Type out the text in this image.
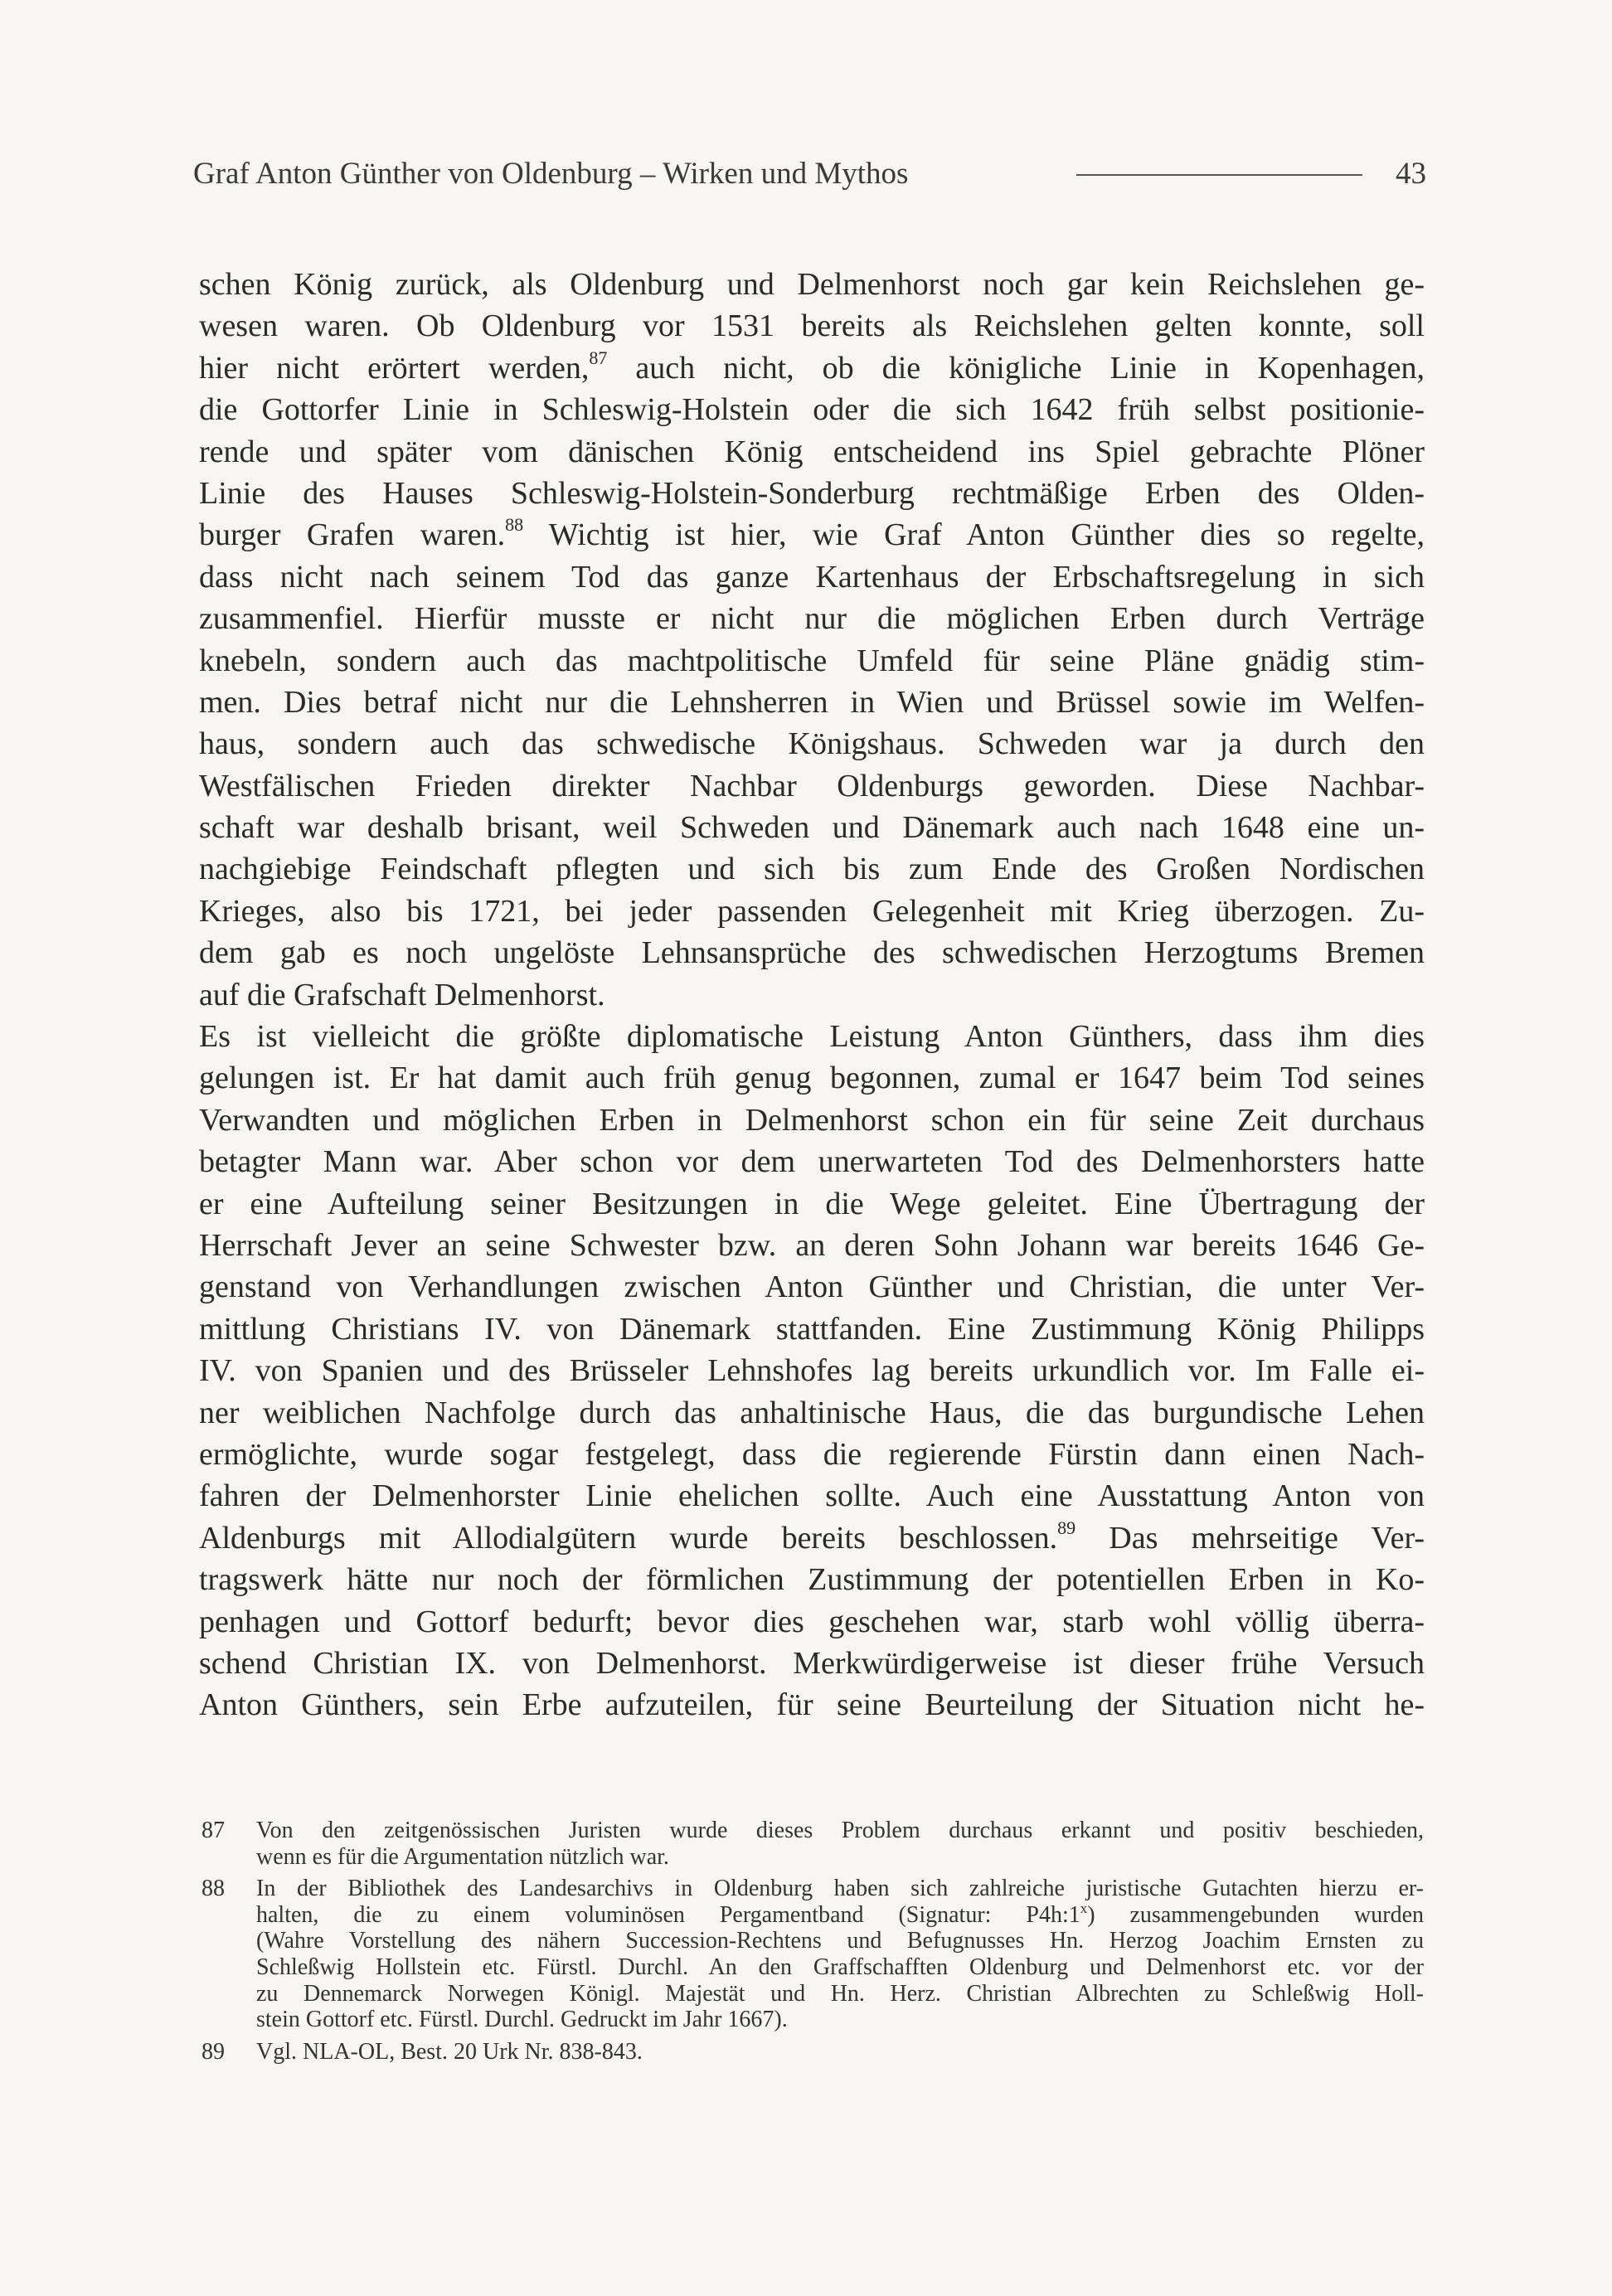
Graf Anton Günther von Oldenburg – Wirken und Mythos	43
schen König zurück, als Oldenburg und Delmenhorst noch gar kein Reichslehen ge-
wesen waren. Ob Oldenburg vor 1531 bereits als Reichslehen gelten konnte, soll
hier nicht erörtert werden,$^{87}$ auch nicht, ob die königliche Linie in Kopenhagen,
die Gottorfer Linie in Schleswig-Holstein oder die sich 1642 früh selbst positionie-
rende und später vom dänischen König entscheidend ins Spiel gebrachte Plöner
Linie des Hauses Schleswig-Holstein-Sonderburg rechtmäßige Erben des Olden-
burger Grafen waren.$^{88}$ Wichtig ist hier, wie Graf Anton Günther dies so regelte,
dass nicht nach seinem Tod das ganze Kartenhaus der Erbschaftsregelung in sich
zusammenfiel. Hierfür musste er nicht nur die möglichen Erben durch Verträge
knebeln, sondern auch das machtpolitische Umfeld für seine Pläne gnädig stim-
men. Dies betraf nicht nur die Lehnsherren in Wien und Brüssel sowie im Welfen-
haus, sondern auch das schwedische Königshaus. Schweden war ja durch den
Westfälischen Frieden direkter Nachbar Oldenburgs geworden. Diese Nachbar-
schaft war deshalb brisant, weil Schweden und Dänemark auch nach 1648 eine un-
nachgiebige Feindschaft pflegten und sich bis zum Ende des Großen Nordischen
Krieges, also bis 1721, bei jeder passenden Gelegenheit mit Krieg überzogen. Zu-
dem gab es noch ungelöste Lehnsansprüche des schwedischen Herzogtums Bremen
auf die Grafschaft Delmenhorst.
Es ist vielleicht die größte diplomatische Leistung Anton Günthers, dass ihm dies
gelungen ist. Er hat damit auch früh genug begonnen, zumal er 1647 beim Tod seines
Verwandten und möglichen Erben in Delmenhorst schon ein für seine Zeit durchaus
betagter Mann war. Aber schon vor dem unerwarteten Tod des Delmenhorsters hatte
er eine Aufteilung seiner Besitzungen in die Wege geleitet. Eine Übertragung der
Herrschaft Jever an seine Schwester bzw. an deren Sohn Johann war bereits 1646 Ge-
genstand von Verhandlungen zwischen Anton Günther und Christian, die unter Ver-
mittlung Christians IV. von Dänemark stattfanden. Eine Zustimmung König Philipps
IV. von Spanien und des Brüsseler Lehnshofes lag bereits urkundlich vor. Im Falle ei-
ner weiblichen Nachfolge durch das anhaltinische Haus, die das burgundische Lehen
ermöglichte, wurde sogar festgelegt, dass die regierende Fürstin dann einen Nach-
fahren der Delmenhorster Linie ehelichen sollte. Auch eine Ausstattung Anton von
Aldenburgs mit Allodialgütern wurde bereits beschlossen.$^{89}$ Das mehrseitige Ver-
tragswerk hätte nur noch der förmlichen Zustimmung der potentiellen Erben in Ko-
penhagen und Gottorf bedurft; bevor dies geschehen war, starb wohl völlig überra-
schend Christian IX. von Delmenhorst. Merkwürdigerweise ist dieser frühe Versuch
Anton Günthers, sein Erbe aufzuteilen, für seine Beurteilung der Situation nicht he-
87 Von den zeitgenössischen Juristen wurde dieses Problem durchaus erkannt und positiv beschieden,
wenn es für die Argumentation nützlich war.
88 In der Bibliothek des Landesarchivs in Oldenburg haben sich zahlreiche juristische Gutachten hierzu er-
halten, die zu einem voluminösen Pergamentband (Signatur: P4h:1$^x$) zusammengebunden wurden
(Wahre Vorstellung des nähern Succession-Rechtens und Befugnusses Hn. Herzog Joachim Ernsten zu
Schleßwig Hollstein etc. Fürstl. Durchl. An den Graffschafften Oldenburg und Delmenhorst etc. vor der
zu Dennemarck Norwegen Königl. Majestät und Hn. Herz. Christian Albrechten zu Schleßwig Holl-
stein Gottorf etc. Fürstl. Durchl. Gedruckt im Jahr 1667).
89 Vgl. NLA-OL, Best. 20 Urk Nr. 838-843.
